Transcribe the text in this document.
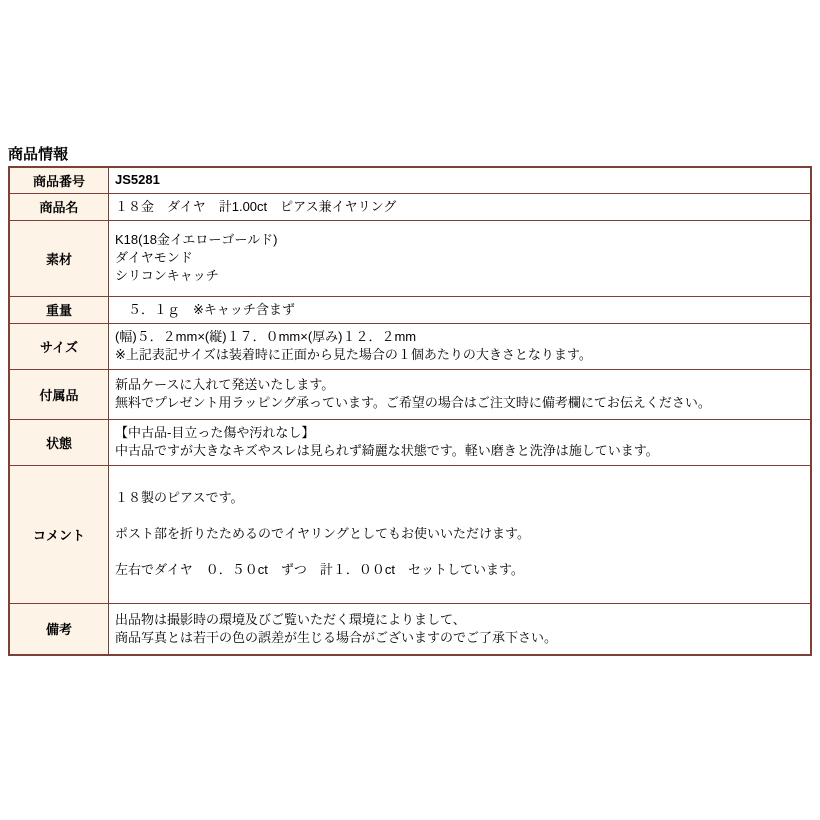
商品情報
商品番号	JS5281

商品名	１８金　ダイヤ　計1.00ct　ピアス兼イヤリング

素材	K18(18金イエローゴールド)
ダイヤモンド
シリコンキャッチ

重量	　５．１ｇ　※キャッチ含まず

サイズ	(幅)５．２mm×(縦)１７．０mm×(厚み)１２．２mm
※上記表記サイズは装着時に正面から見た場合の１個あたりの大きさとなります。

付属品	新品ケースに入れて発送いたします。
無料でプレゼント用ラッピング承っています。ご希望の場合はご注文時に備考欄にてお伝えください。

状態	【中古品-目立った傷や汚れなし】
中古品ですが大きなキズやスレは見られず綺麗な状態です。軽い磨きと洗浄は施しています。

コメント	１８製のピアスです。

ポスト部を折りたためるのでイヤリングとしてもお使いいただけます。

左右でダイヤ　０．５０ct　ずつ　計１．００ct　セットしています。

備考	出品物は撮影時の環境及びご覧いただく環境によりまして、
商品写真とは若干の色の誤差が生じる場合がございますのでご了承下さい。
